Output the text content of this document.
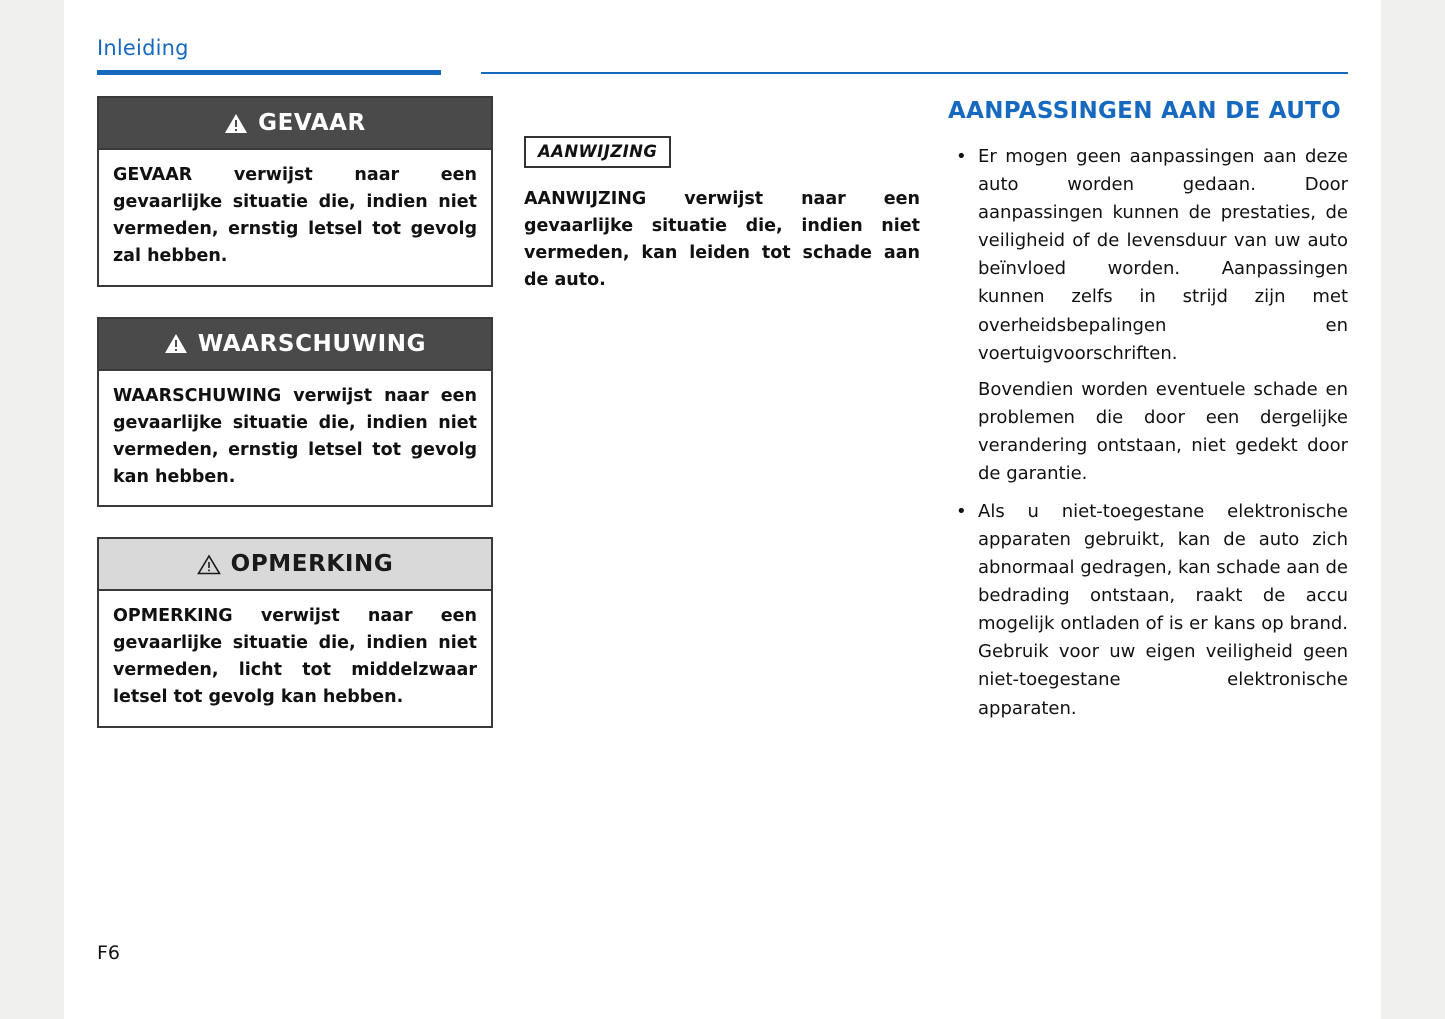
Inleiding
GEVAAR
GEVAAR verwijst naar een gevaarlijke situatie die, indien niet vermeden, ernstig letsel tot gevolg zal hebben.
WAARSCHUWING
WAARSCHUWING verwijst naar een gevaarlijke situatie die, indien niet vermeden, ernstig letsel tot gevolg kan hebben.
OPMERKING
OPMERKING verwijst naar een gevaarlijke situatie die, indien niet vermeden, licht tot middelzwaar letsel tot gevolg kan hebben.
AANWIJZING
AANWIJZING verwijst naar een gevaarlijke situatie die, indien niet vermeden, kan leiden tot schade aan de auto.
AANPASSINGEN AAN DE AUTO
• Er mogen geen aanpassingen aan deze auto worden gedaan. Door aanpassingen kunnen de prestaties, de veiligheid of de levensduur van uw auto beïnvloed worden. Aanpassingen kunnen zelfs in strijd zijn met overheidsbepalingen en voertuigvoorschriften.
Bovendien worden eventuele schade en problemen die door een dergelijke verandering ontstaan, niet gedekt door de garantie.
• Als u niet-toegestane elektronische apparaten gebruikt, kan de auto zich abnormaal gedragen, kan schade aan de bedrading ontstaan, raakt de accu mogelijk ontladen of is er kans op brand. Gebruik voor uw eigen veiligheid geen niet-toegestane elektronische apparaten.
F6
